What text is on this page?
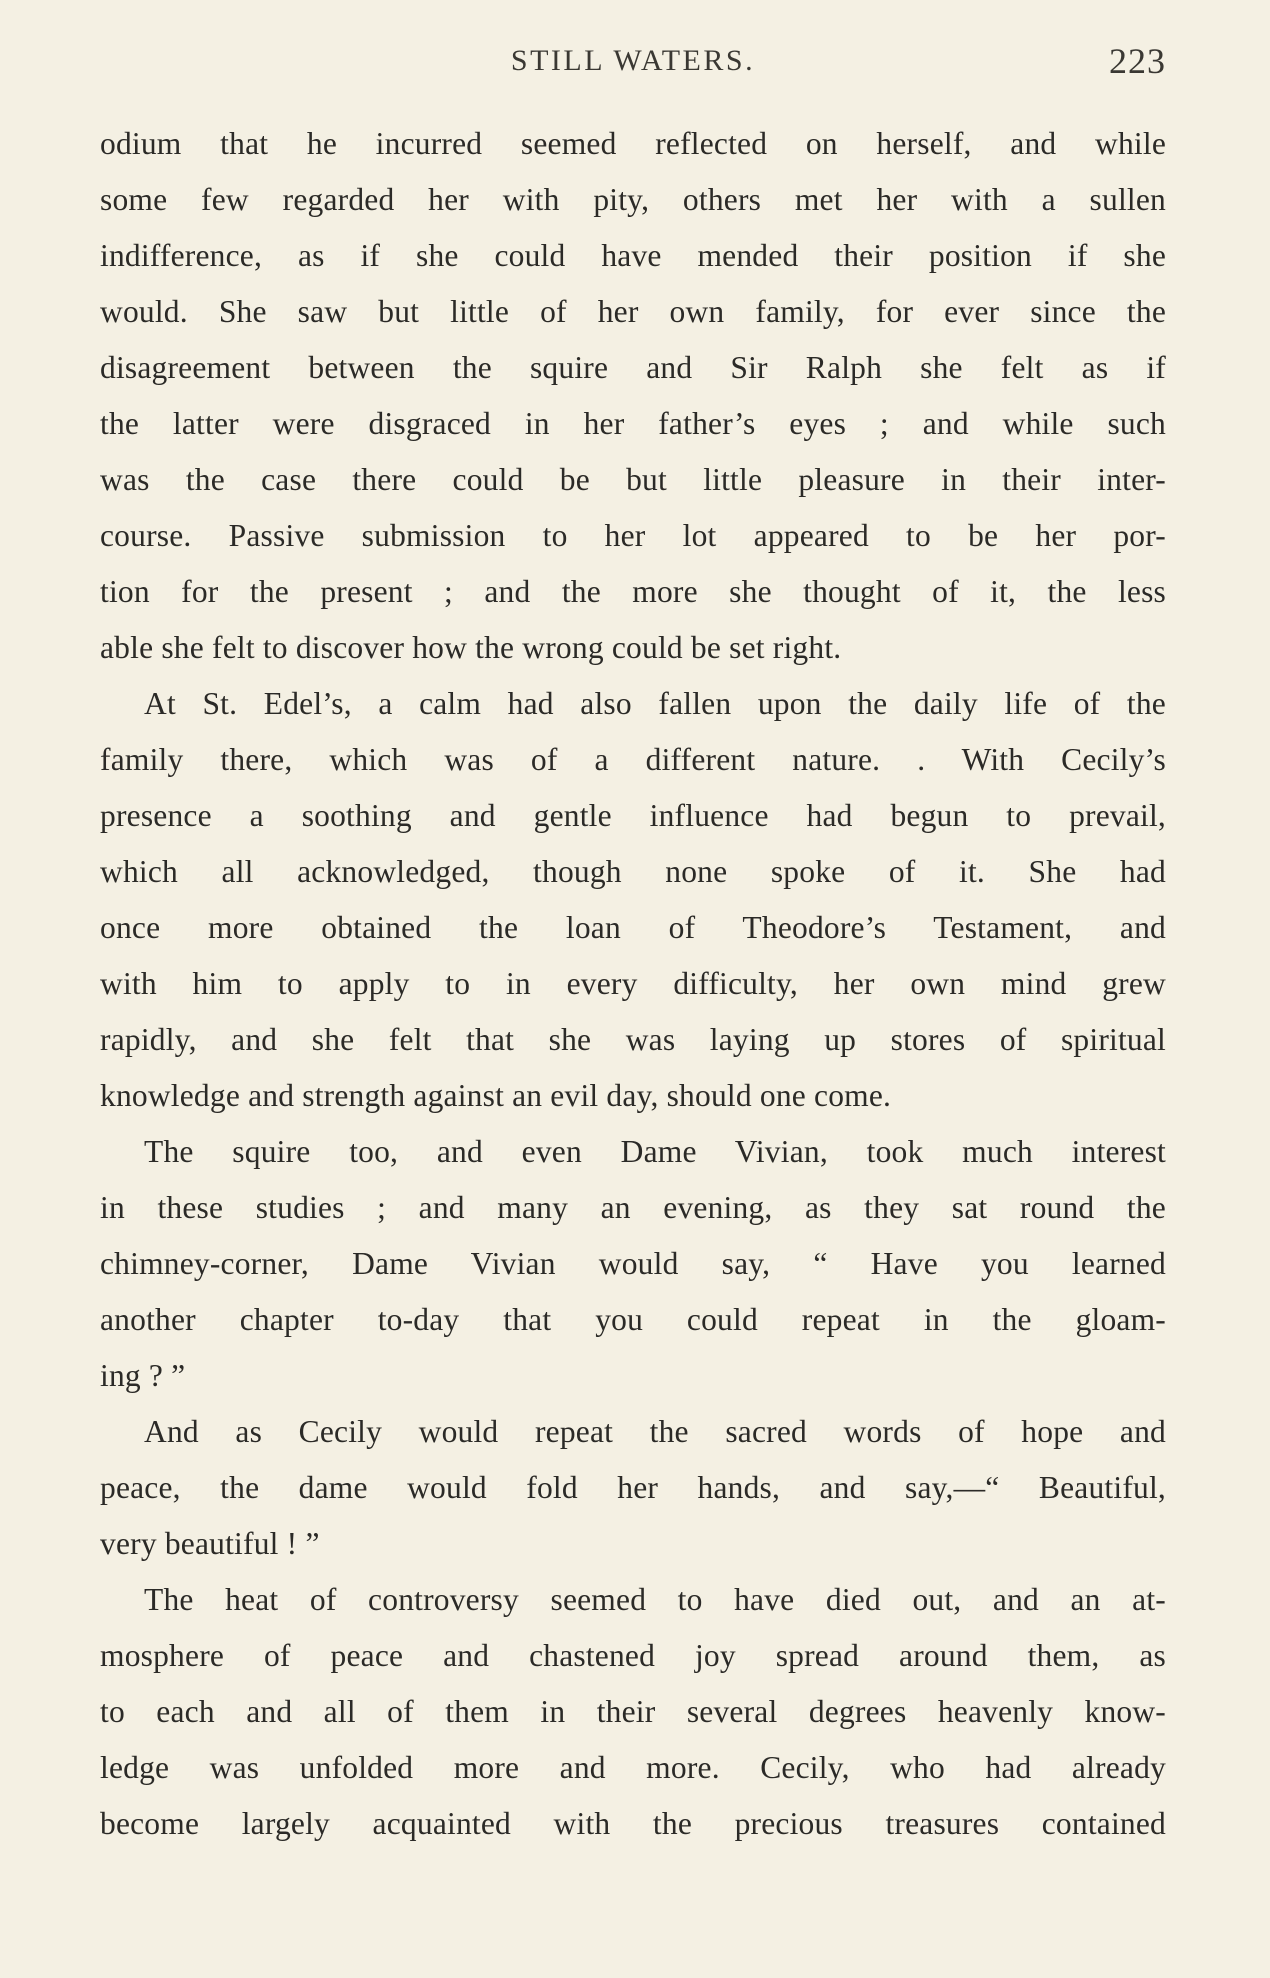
STILL WATERS.	223
odium that he incurred seemed reflected on herself, and while
some few regarded her with pity, others met her with a sullen
indifference, as if she could have mended their position if she
would. She saw but little of her own family, for ever since the
disagreement between the squire and Sir Ralph she felt as if
the latter were disgraced in her father’s eyes ; and while such
was the case there could be but little pleasure in their inter-
course. Passive submission to her lot appeared to be her por-
tion for the present ; and the more she thought of it, the less
able she felt to discover how the wrong could be set right.
At St. Edel’s, a calm had also fallen upon the daily life of the
family there, which was of a different nature. . With Cecily’s
presence a soothing and gentle influence had begun to prevail,
which all acknowledged, though none spoke of it. She had
once more obtained the loan of Theodore’s Testament, and
with him to apply to in every difficulty, her own mind grew
rapidly, and she felt that she was laying up stores of spiritual
knowledge and strength against an evil day, should one come.
The squire too, and even Dame Vivian, took much interest
in these studies ; and many an evening, as they sat round the
chimney-corner, Dame Vivian would say, “ Have you learned
another chapter to-day that you could repeat in the gloam-
ing ? ”
And as Cecily would repeat the sacred words of hope and
peace, the dame would fold her hands, and say,—“ Beautiful,
very beautiful ! ”
The heat of controversy seemed to have died out, and an at-
mosphere of peace and chastened joy spread around them, as
to each and all of them in their several degrees heavenly know-
ledge was unfolded more and more. Cecily, who had already
become largely acquainted with the precious treasures contained
